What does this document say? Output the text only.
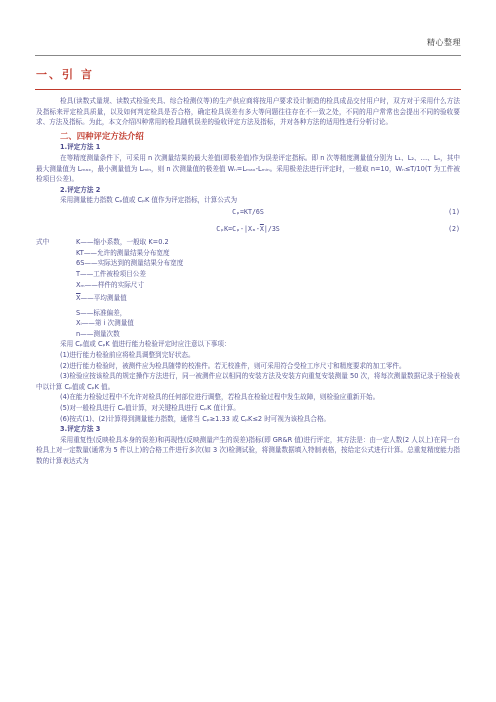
精心整理
一、引 言

检具(读数式量规、读数式检验夹具、综合检测仪等)的生产供应商将按用户要求设计制造的检具成品交付用户时，双方对于采用什么方法及指标来评定检具质量，以及如何判定检具是否合格，确定检具误差有多大等问题往往存在不一致之处，不同的用户常常也会提出不同的验收要求、方法及指标。为此，本文介绍四种常用的检具随机误差的验收评定方法及指标，并对各种方法的适用性进行分析讨论。

二、四种评定方法介绍

1.评定方法 1

在等精度测量条件下，可采用 n 次测量结果的最大差值(即极差值)作为误差评定指标。即 n 次等精度测量值分别为 L₁、L₂、…、Lₙ，其中最大测量值为 Lₘₐₓ，最小测量值为 Lₘᵢₙ，则 n 次测量值的极差值 Wₙ=Lₘₐₓ-Lₘᵢₙ。采用极差法进行评定时，一般取 n=10，Wₙ≤T/10(T 为工件被检项目公差)。

2.评定方法 2

采用测量能力指数 Cₚ值或 CₚK 值作为评定指标，计算公式为

Cₚ=KT/6S	(1)
$C_pK=C_p-|X_m-\overline{X}|/3S$	(2)
式中	K——缩小系数，一般取 K=0.2
KT——允许的测量结果分布宽度
6S——实际达到的测量结果分布宽度
T——工件被检项目公差
Xₘ——样件的实际尺寸
$\overline{X}——$平均测量值
S——标准偏差，
Xᵢ——第 i 次测量值
n——测量次数

采用 Cₚ值或 CₚK 值进行能力检验评定时应注意以下事项：

(1)进行能力检验前应将检具调整到完好状态。

(2)进行能力检验时，被测件应为检具随带的校准件。若无校准件，则可采用符合受检工序尺寸和精度要求的加工零件。

(3)检验应按该检具的规定操作方法进行，同一被测件应以相同的安装方法及安装方向重复安装测量 50 次，将每次测量数据记录于检验表中以计算 Cₚ值或 CₚK 值。

(4)在能力检验过程中不允许对检具的任何部位进行调整，若检具在检验过程中发生故障，则检验应重新开始。

(5)对一般检具进行 Cₚ值计算，对关键检具进行 CₚK 值计算。

(6)按式(1)、(2)计算得到测量能力指数，通常当 Cₚ≥1.33 或 CₚK≤2 时可视为该检具合格。

3.评定方法 3

采用重复性(反映检具本身的误差)和再现性(反映测量产生的误差)指标(即 GR&R 值)进行评定，其方法是：由一定人数(2 人以上)在同一台检具上对一定数量(通常为 5 件以上)的合格工件进行多次(如 3 次)检测试验，将测量数据填入特制表格，按给定公式进行计算。总重复精度能力指数的计算表达式为
